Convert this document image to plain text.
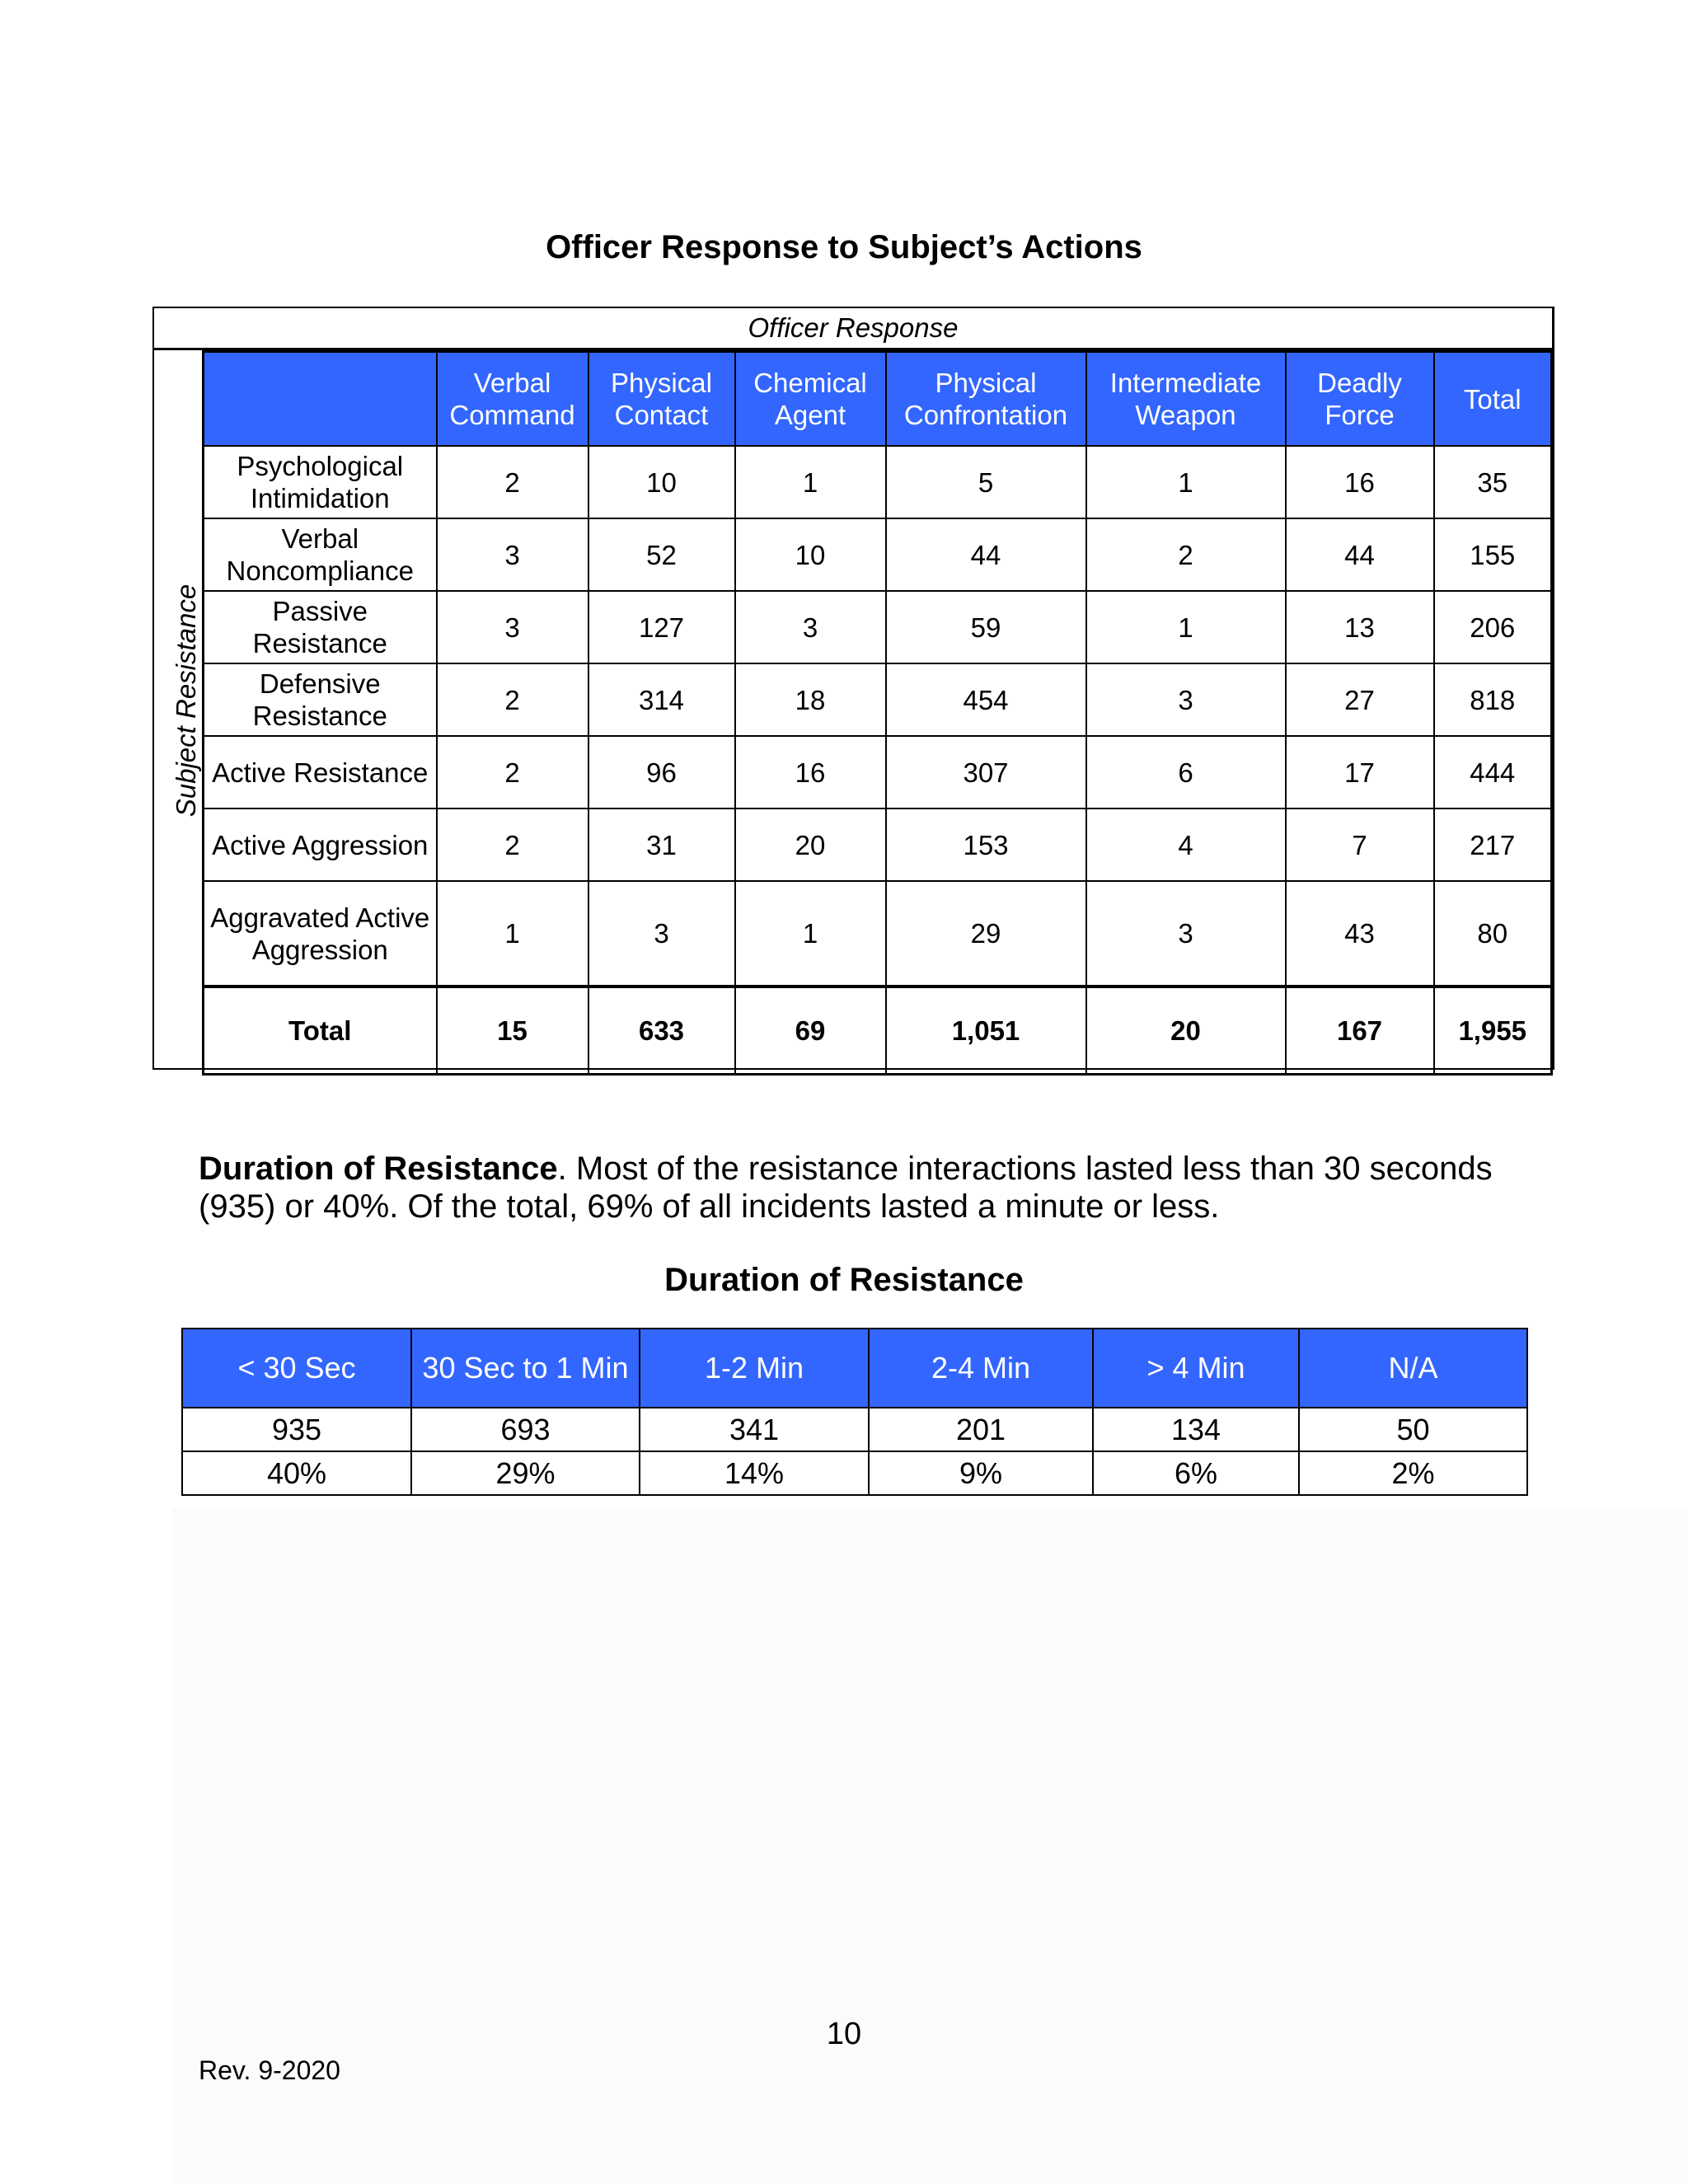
Officer Response to Subject’s Actions
Officer Response
Subject Resistance
	Verbal Command	Physical Contact	Chemical Agent	Physical Confrontation	Intermediate Weapon	Deadly Force	Total
Psychological Intimidation	2	10	1	5	1	16	35
Verbal Noncompliance	3	52	10	44	2	44	155
Passive Resistance	3	127	3	59	1	13	206
Defensive Resistance	2	314	18	454	3	27	818
Active Resistance	2	96	16	307	6	17	444
Active Aggression	2	31	20	153	4	7	217
Aggravated Active Aggression	1	3	1	29	3	43	80
Total	15	633	69	1,051	20	167	1,955
Duration of Resistance. Most of the resistance interactions lasted less than 30 seconds (935) or 40%. Of the total, 69% of all incidents lasted a minute or less.
Duration of Resistance
< 30 Sec	30 Sec to 1 Min	1-2 Min	2-4 Min	> 4 Min	N/A
935	693	341	201	134	50
40%	29%	14%	9%	6%	2%
10
Rev. 9-2020
